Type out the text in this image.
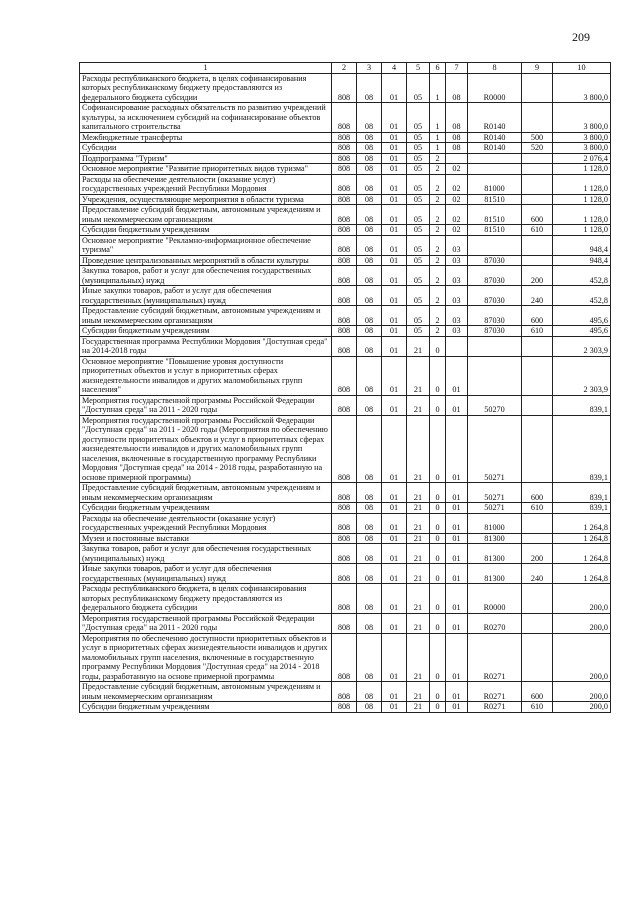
209
1	2	3	4	5	6	7	8	9	10
Расходы республиканского бюджета, в целях софинансирования которых республиканскому бюджету предоставляются из федерального бюджета субсидии	808	08	01	05	1	08	R0000		3 800,0
Софинансирование расходных обязательств по развитию учреждений культуры, за исключением субсидий на софинансирование объектов капитального строительства	808	08	01	05	1	08	R0140		3 800,0
Межбюджетные трансферты	808	08	01	05	1	08	R0140	500	3 800,0
Субсидии	808	08	01	05	1	08	R0140	520	3 800,0
Подпрограмма "Туризм"	808	08	01	05	2				2 076,4
Основное мероприятие "Развитие приоритетных видов туризма"	808	08	01	05	2	02			1 128,0
Расходы на обеспечение деятельности (оказание услуг) государственных учреждений Республики Мордовия	808	08	01	05	2	02	81000		1 128,0
Учреждения, осуществляющие мероприятия в области туризма	808	08	01	05	2	02	81510		1 128,0
Предоставление субсидий бюджетным, автономным учреждениям и иным некоммерческим организациям	808	08	01	05	2	02	81510	600	1 128,0
Субсидии бюджетным учреждениям	808	08	01	05	2	02	81510	610	1 128,0
Основное мероприятие "Рекламно-информационное обеспечение туризма"	808	08	01	05	2	03			948,4
Проведение централизованных мероприятий в области культуры	808	08	01	05	2	03	87030		948,4
Закупка товаров, работ и услуг для обеспечения государственных (муниципальных) нужд	808	08	01	05	2	03	87030	200	452,8
Иные закупки товаров, работ и услуг для обеспечения государственных (муниципальных) нужд	808	08	01	05	2	03	87030	240	452,8
Предоставление субсидий бюджетным, автономным учреждениям и иным некоммерческим организациям	808	08	01	05	2	03	87030	600	495,6
Субсидии бюджетным учреждениям	808	08	01	05	2	03	87030	610	495,6
Государственная программа Республики Мордовия "Доступная среда" на 2014-2018 годы	808	08	01	21	0				2 303,9
Основное мероприятие "Повышение уровня доступности приоритетных объектов и услуг в приоритетных сферах жизнедеятельности инвалидов и других маломобильных групп населения"	808	08	01	21	0	01			2 303,9
Мероприятия государственной программы Российской Федерации "Доступная среда" на 2011 - 2020 годы	808	08	01	21	0	01	50270		839,1
Мероприятия государственной программы Российской Федерации "Доступная среда" на 2011 - 2020 годы (Мероприятия по обеспечению доступности приоритетных объектов и услуг в приоритетных сферах жизнедеятельности инвалидов и других маломобильных групп населения, включенные в государственную программу Республики Мордовия "Доступная среда" на 2014 - 2018 годы, разработанную на основе примерной программы)	808	08	01	21	0	01	50271		839,1
Предоставление субсидий бюджетным, автономным учреждениям и иным некоммерческим организациям	808	08	01	21	0	01	50271	600	839,1
Субсидии бюджетным учреждениям	808	08	01	21	0	01	50271	610	839,1
Расходы на обеспечение деятельности (оказание услуг) государственных учреждений Республики Мордовия	808	08	01	21	0	01	81000		1 264,8
Музеи и постоянные выставки	808	08	01	21	0	01	81300		1 264,8
Закупка товаров, работ и услуг для обеспечения государственных (муниципальных) нужд	808	08	01	21	0	01	81300	200	1 264,8
Иные закупки товаров, работ и услуг для обеспечения государственных (муниципальных) нужд	808	08	01	21	0	01	81300	240	1 264,8
Расходы республиканского бюджета, в целях софинансирования которых республиканскому бюджету предоставляются из федерального бюджета субсидии	808	08	01	21	0	01	R0000		200,0
Мероприятия государственной программы Российской Федерации "Доступная среда" на 2011 - 2020 годы	808	08	01	21	0	01	R0270		200,0
Мероприятия по обеспечению доступности приоритетных объектов и услуг в приоритетных сферах жизнедеятельности инвалидов и других маломобильных групп населения, включенные в государственную программу Республики Мордовия "Доступная среда" на 2014 - 2018 годы, разработанную на основе примерной программы	808	08	01	21	0	01	R0271		200,0
Предоставление субсидий бюджетным, автономным учреждениям и иным некоммерческим организациям	808	08	01	21	0	01	R0271	600	200,0
Субсидии бюджетным учреждениям	808	08	01	21	0	01	R0271	610	200,0
